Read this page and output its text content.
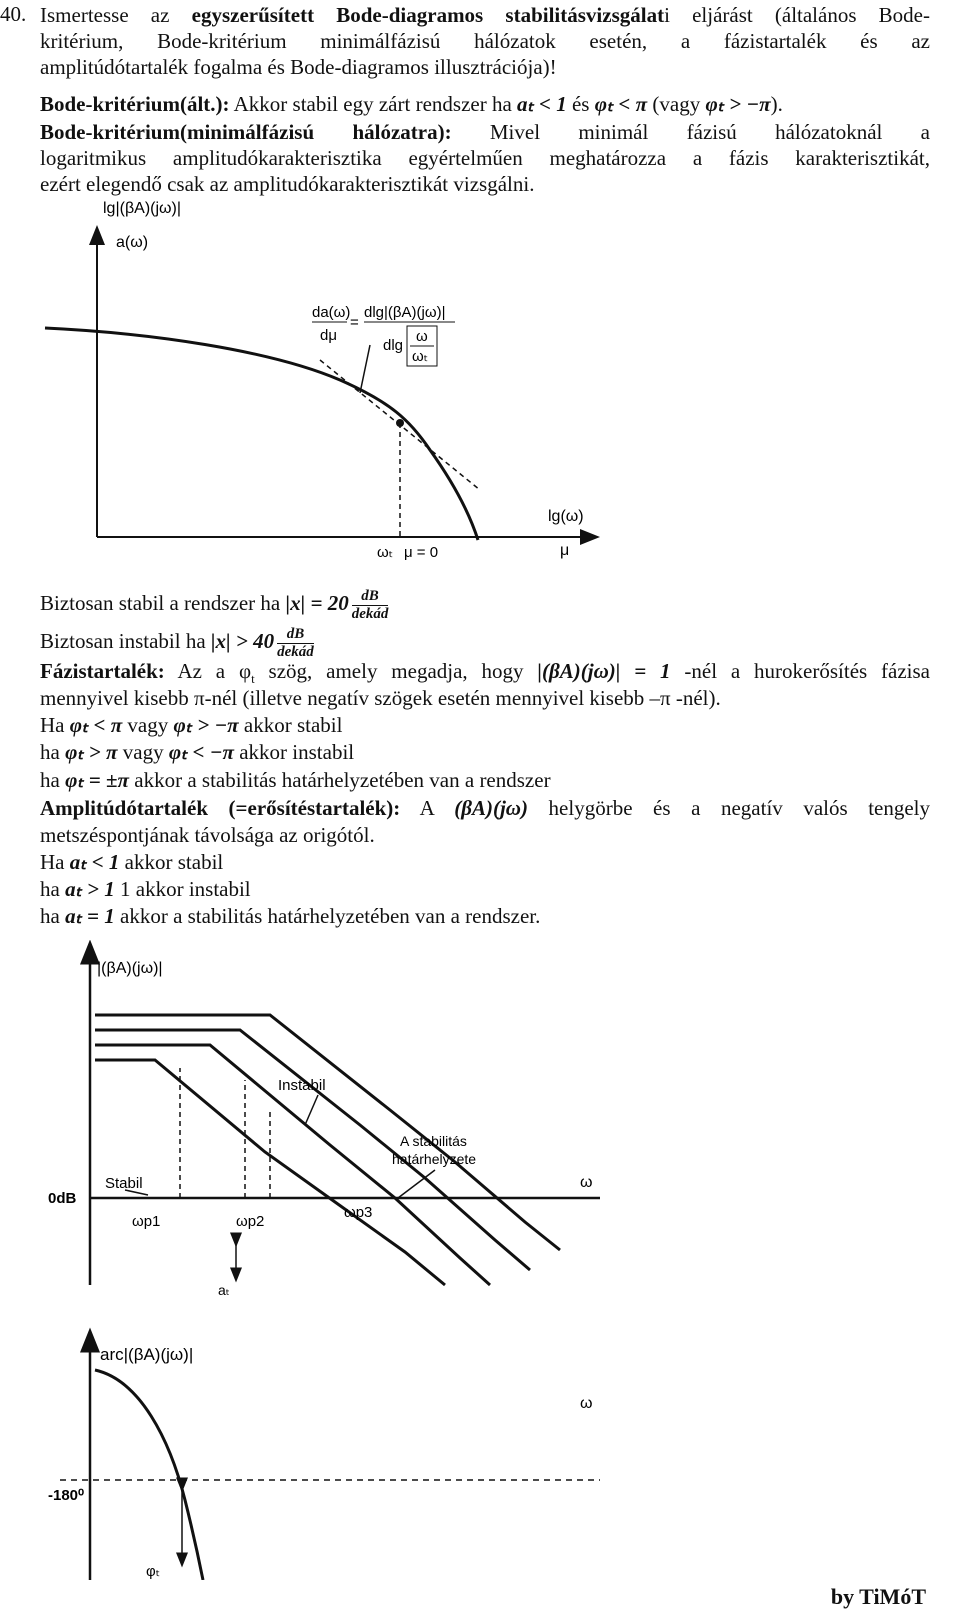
40. Ismertesse az egyszerűsített Bode-diagramos stabilitásvizsgálati eljárást (általános Bode-
kritérium, Bode-kritérium minimálfázisú hálózatok esetén, a fázistartalék és az
amplitúdótartalék fogalma és Bode-diagramos illusztrációja)!
Bode-kritérium(ált.): Akkor stabil egy zárt rendszer ha aₜ < 1 és φₜ < π (vagy φₜ > −π).
Bode-kritérium(minimálfázisú hálózatra): Mivel minimál fázisú hálózatoknál a
logaritmikus amplitudókarakterisztika egyértelműen meghatározza a fázis karakterisztikát,
ezért elegendő csak az amplitudókarakterisztikát vizsgálni.
lg|(βA)(jω)|
a(ω)
da(ω)
dμ
=
dlg|(βA)(jω)|
dlg
ω
ωₜ
lg(ω)
μ
ωₜ μ = 0
Biztosan stabil a rendszer ha $|x| = 20 \frac{dB}{\text{dekád}}$
Biztosan instabil ha $|x| > 40 \frac{dB}{\text{dekád}}$
Fázistartalék: Az a $\varphi_t$ szög, amely megadja, hogy |(βA)(jω)| = 1 -nél a hurokerősítés fázisa
mennyivel kisebb π-nél (illetve negatív szögek esetén mennyivel kisebb –π -nél).
Ha φₜ < π vagy φₜ > −π akkor stabil
ha φₜ > π vagy φₜ < −π akkor instabil
ha φₜ = ±π akkor a stabilitás határhelyzetében van a rendszer
Amplitúdótartalék (=erősítéstartalék): A (βA)(jω) helygörbe és a negatív valós tengely
metszéspontjának távolsága az origótól.
Ha aₜ < 1 akkor stabil
ha aₜ > 1 1 akkor instabil
ha aₜ = 1 akkor a stabilitás határhelyzetében van a rendszer.
|(βA)(jω)|
ω
0dB
Instabil
A stabilitás
határhelyzete
Stabil
ωp1	ωp2
ωp3
aₜ
arc|(βA)(jω)|
ω
-180⁰
φₜ
by TiMóT
